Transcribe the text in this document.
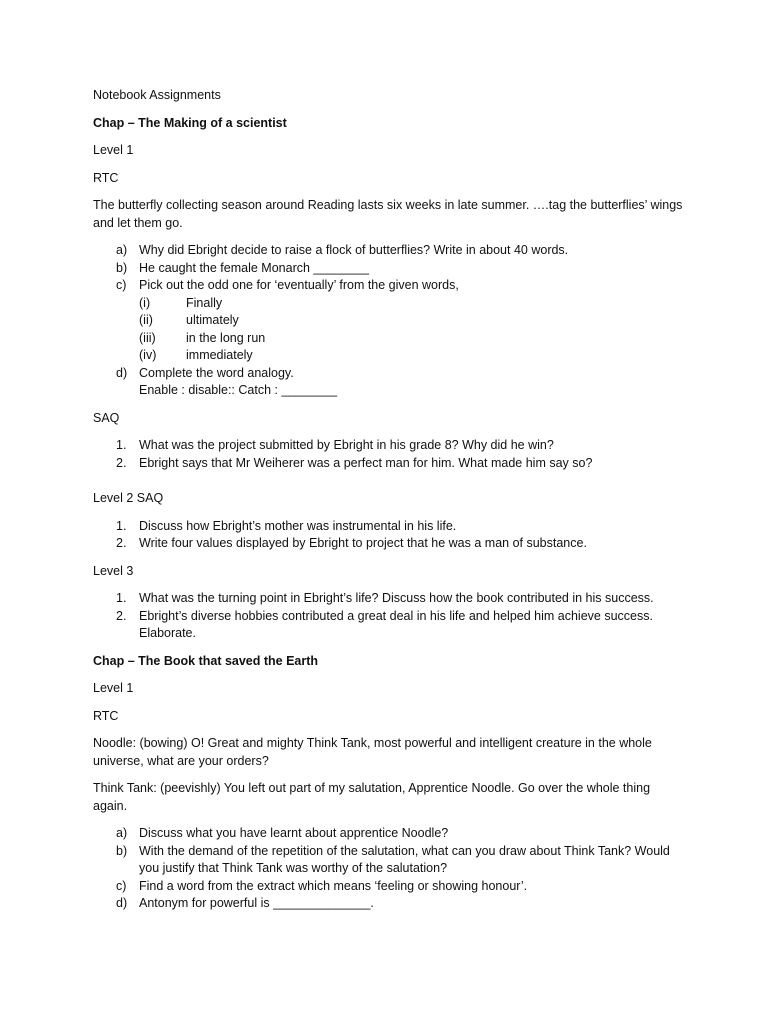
Notebook Assignments

Chap – The Making of a scientist

Level 1

RTC

The butterfly collecting season around Reading lasts six weeks in late summer. ….tag the butterflies’ wings and let them go.

a) Why did Ebright decide to raise a flock of butterflies? Write in about 40 words.
b) He caught the female Monarch ________
c) Pick out the odd one for ‘eventually’ from the given words,
(i)	Finally
(ii)	ultimately
(iii)	in the long run
(iv)	immediately
d) Complete the word analogy.
Enable : disable:: Catch : ________

SAQ

1. What was the project submitted by Ebright in his grade 8? Why did he win?
2. Ebright says that Mr Weiherer was a perfect man for him. What made him say so?

Level 2 SAQ

1. Discuss how Ebright’s mother was instrumental in his life.
2. Write four values displayed by Ebright to project that he was a man of substance.

Level 3

1. What was the turning point in Ebright’s life? Discuss how the book contributed in his success.
2. Ebright’s diverse hobbies contributed a great deal in his life and helped him achieve success. Elaborate.

Chap – The Book that saved the Earth

Level 1

RTC

Noodle: (bowing) O! Great and mighty Think Tank, most powerful and intelligent creature in the whole universe, what are your orders?

Think Tank: (peevishly) You left out part of my salutation, Apprentice Noodle. Go over the whole thing again.

a) Discuss what you have learnt about apprentice Noodle?
b) With the demand of the repetition of the salutation, what can you draw about Think Tank? Would you justify that Think Tank was worthy of the salutation?
c) Find a word from the extract which means ‘feeling or showing honour’.
d) Antonym for powerful is ______________.
